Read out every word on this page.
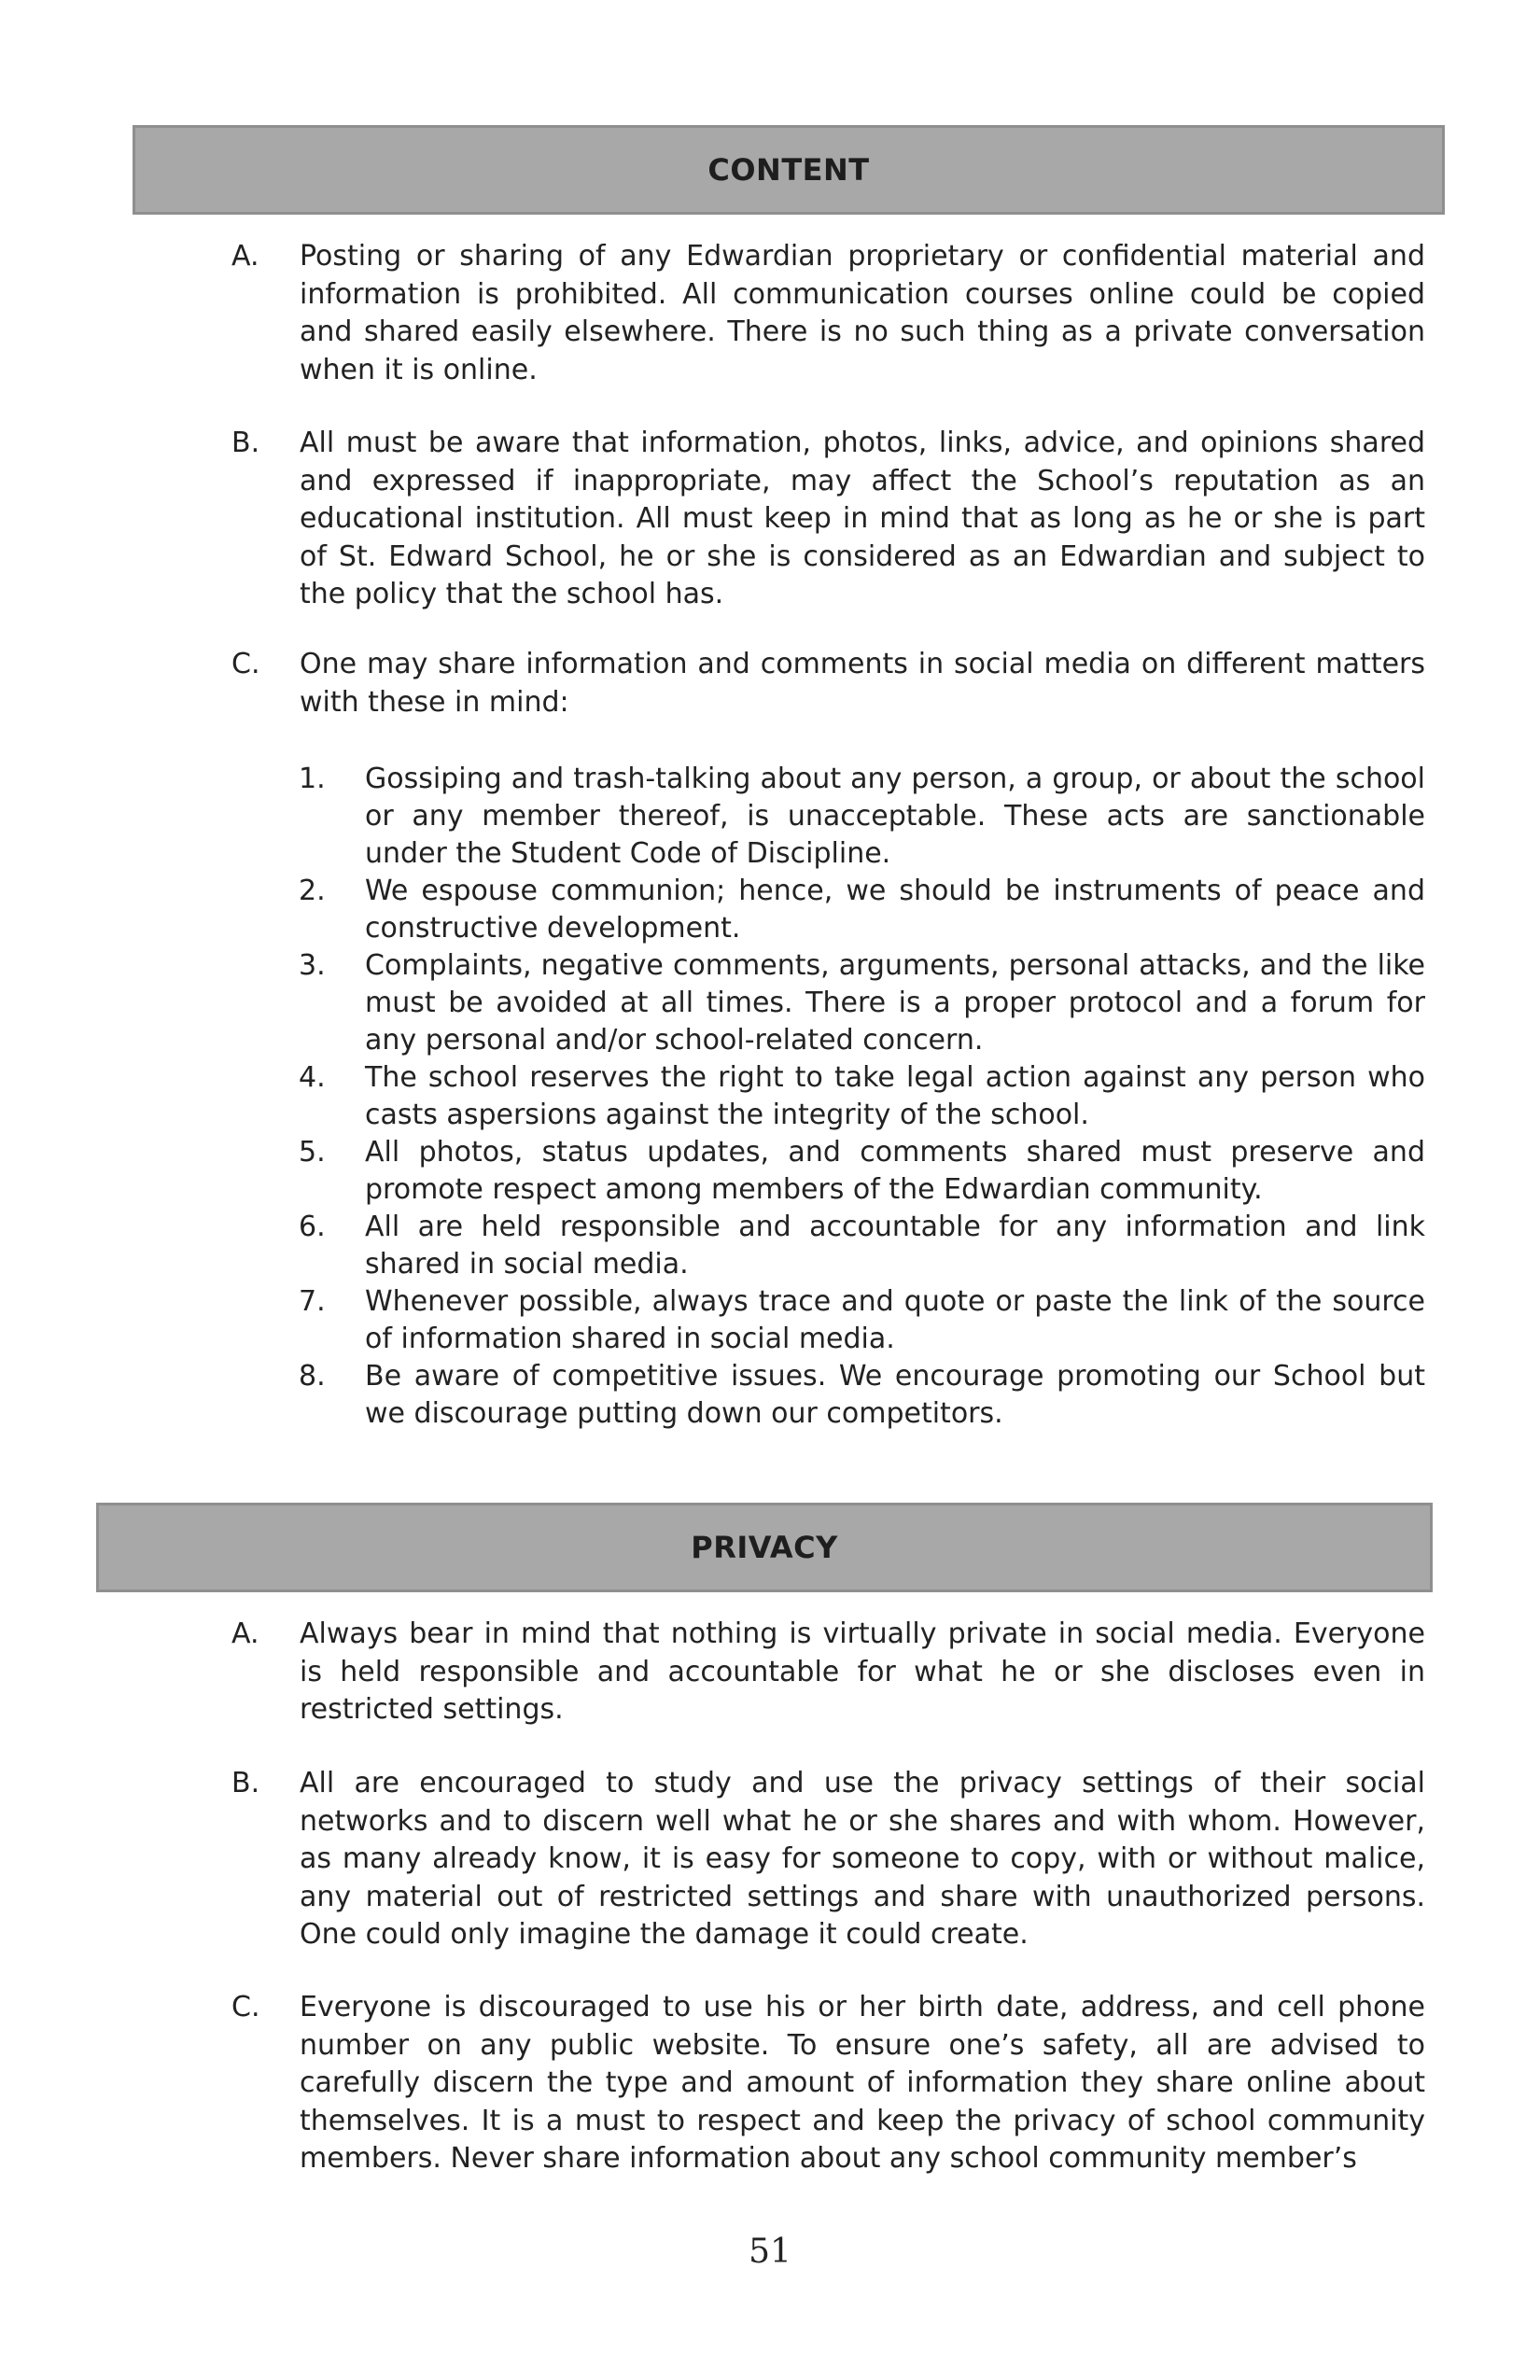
CONTENT
A. Posting or sharing of any Edwardian proprietary or confidential material and information is prohibited. All communication courses online could be copied and shared easily elsewhere. There is no such thing as a private conversation when it is online.
B. All must be aware that information, photos, links, advice, and opinions shared and expressed if inappropriate, may affect the School’s reputation as an educational institution. All must keep in mind that as long as he or she is part of St. Edward School, he or she is considered as an Edwardian and subject to the policy that the school has.
C. One may share information and comments in social media on different matters with these in mind:
1. Gossiping and trash-talking about any person, a group, or about the school or any member thereof, is unacceptable. These acts are sanctionable under the Student Code of Discipline.
2. We espouse communion; hence, we should be instruments of peace and constructive development.
3. Complaints, negative comments, arguments, personal attacks, and the like must be avoided at all times. There is a proper protocol and a forum for any personal and/or school-related concern.
4. The school reserves the right to take legal action against any person who casts aspersions against the integrity of the school.
5. All photos, status updates, and comments shared must preserve and promote respect among members of the Edwardian community.
6. All are held responsible and accountable for any information and link shared in social media.
7. Whenever possible, always trace and quote or paste the link of the source of information shared in social media.
8. Be aware of competitive issues. We encourage promoting our School but we discourage putting down our competitors.
PRIVACY
A. Always bear in mind that nothing is virtually private in social media. Everyone is held responsible and accountable for what he or she discloses even in restricted settings.
B. All are encouraged to study and use the privacy settings of their social networks and to discern well what he or she shares and with whom. However, as many already know, it is easy for someone to copy, with or without malice, any material out of restricted settings and share with unauthorized persons. One could only imagine the damage it could create.
C. Everyone is discouraged to use his or her birth date, address, and cell phone number on any public website. To ensure one’s safety, all are advised to carefully discern the type and amount of information they share online about themselves. It is a must to respect and keep the privacy of school community members. Never share information about any school community member’s
51
